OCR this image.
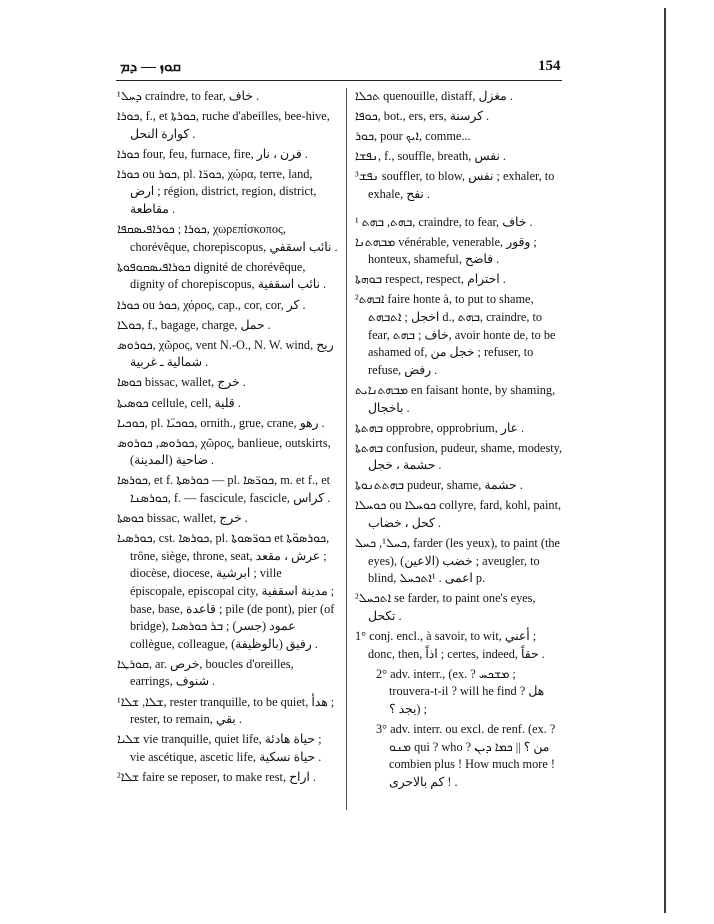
ܩܘܙ — ܕܡ	154
¹ܕܚܠ craindre, to fear, خاف .
ܟܘܪܐ, f., et ܟܘܪܬܐ, ruche d'abeilles, bee-hive, كوارة النحل .
ܟܘܪܐ four, feu, furnace, fire, فرن ، نار .
ܟܘܪܐ ou ܟܘܪ, pl. ܟܘܪ̈ܐ, χώρα, terre, land, ارض ; région, district, region, district, مقاطعة .
ܟܘܪܐ ; ܟܘܪܐܦܝܣܩܦܐ, χωρεπίσκοπος, chorévêque, chorepiscopus, نائب اسقفي .
ܟܘܪܐܦܝܣܩܘܦܘܬܐ dignité de chorévêque, dignity of chorepiscopus, نائب اسقفية .
ܟܘܪܐ ou ܟܘܪ, χόρος, cap., cor, cor, كر .
ܟܘܠܐ, f., bagage, charge, حمل .
ܟܘܪܘܣ, χῶρος, vent N.-O., N. W. wind, ريح شمالية ـ غربية .
ܟܘܣܐ bissac, wallet, خرج .
ܟܘܣܝܬܐ cellule, cell, قلية .
ܟܘܟܝܐ, pl. ܟܘܟܝ̈ܐ, ornith., grue, crane, رهو .
ܟܘܪܘܣ, ܟܘܪܘܣ, χῶρος, banlieue, outskirts, ضاحية (المدينة) .
ܟܘܪܣܐ, et f. ܟܘܪܣܬܐ — pl. ܟܘܪ̈ܣܐ, m. et f., et ܟܘܪܣܢܐ, f. — fascicule, fascicle, كراس .
ܟܘܣܬܐ bissac, wallet, خرج .
ܟܘܪܣܝܐ, cst. ܟܘܪܣܐ, pl. ܟܘܪ̈ܣܘܬܐ et ܟܘܪܣܘ̈ܬܐ, trône, siège, throne, seat, عرش ، مقعد ; diocèse, diocese, ابرشية ; ville épiscopale, episcopal city, مدينة اسقفية ; base, base, قاعدة ; pile (de pont), pier (of bridge), عمود (جسر) ; ܒܪ ܟܘܪܣܝܐ collègue, colleague, رفيق (بالوظيفة) .
ܩܘܪܛܐ, ar. خرص, boucles d'oreilles, earrings, شنوف .
¹ܫܠܐ, ܫܠܐ, rester tranquille, to be quiet, هدأ ; rester, to remain, بقي .
ܫܠܝܐ vie tranquille, quiet life, حياة هادئة ; vie ascétique, ascetic life, حياة نسكية .
²ܫܠܐ faire se reposer, to make rest, اراح .
ܬܟܠܐ quenouille, distaff, مغزل .
ܟܘܦܐ, bot., ers, ers, كرسنة .
ܟܘܪ, pour ܐܝܟ, comme...
ܢܦܫܐ, f., souffle, breath, نفس .
ܢܦܫ³ souffler, to blow, نفس ; exhaler, to exhale, نفح .
¹ ܒܗܬ, ܒܗܬ, craindre, to fear, خاف .
ܡܒܗܬܢܐ vénérable, venerable, وقور ; honteux, shameful, فاضح .
ܒܘܗܬܐ respect, respect, احترام .
²ܐܒܗܬ faire honte à, to put to shame, اخجل ; ܐܬܒܗܬ d., ܒܗܬ, craindre, to fear, خاف ; ܒܗܬ, avoir honte de, to be ashamed of, خجل من ; refuser, to refuse, رفض .
ܡܒܗܬܢܐܝܬ en faisant honte, by shaming, باخجال .
ܒܗܬܬܐ opprobre, opprobrium, عار .
ܒܗܬܬܐ confusion, pudeur, shame, modesty, حشمة ، خجل .
ܒܗܬܬܢܘܬܐ pudeur, shame, حشمة .
ܟܘܚܠܐ ou ܟܘܚܠܐ collyre, fard, kohl, paint, كحل ، خضاب .
ܟܚܠ¹, ܟܚܠ, farder (les yeux), to paint (the eyes), خضب (الاعين) ; aveugler, to blind, اعمى . ¹ܐܬܟܚܠ p.
²ܐܬܟܚܠ se farder, to paint one's eyes, تكحل .
1° conj. encl., à savoir, to wit, أعني ; donc, then, اذاً ; certes, indeed, حقاً .
2° adv. interr., (ex. ? ܡܫܟܚ ; trouvera-t-il ? will he find ? هل يجد ؟) ;
3° adv. interr. ou excl. de renf. (ex. ? ܡܢܘ qui ? who ? من ؟ || ܟܡܐ ܕܝܢ combien plus ! How much more ! كم بالاحرى ! .
